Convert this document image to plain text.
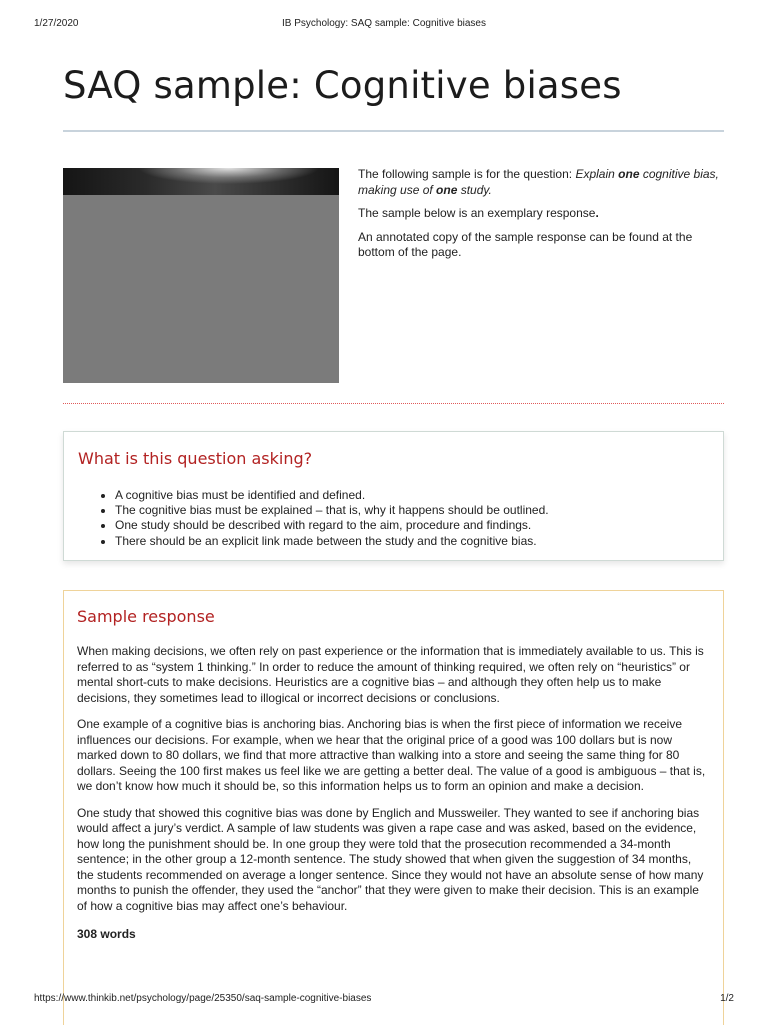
1/27/2020	IB Psychology: SAQ sample: Cognitive biases
SAQ sample: Cognitive biases

The following sample is for the question: Explain one cognitive bias, making use of one study.

The sample below is an exemplary response.

An annotated copy of the sample response can be found at the bottom of the page.

What is this question asking?
• A cognitive bias must be identified and defined.
• The cognitive bias must be explained – that is, why it happens should be outlined.
• One study should be described with regard to the aim, procedure and findings.
• There should be an explicit link made between the study and the cognitive bias.
Sample response

When making decisions, we often rely on past experience or the information that is immediately available to us. This is referred to as “system 1 thinking.” In order to reduce the amount of thinking required, we often rely on “heuristics” or mental short-cuts to make decisions. Heuristics are a cognitive bias – and although they often help us to make decisions, they sometimes lead to illogical or incorrect decisions or conclusions.

One example of a cognitive bias is anchoring bias. Anchoring bias is when the first piece of information we receive influences our decisions. For example, when we hear that the original price of a good was 100 dollars but is now marked down to 80 dollars, we find that more attractive than walking into a store and seeing the same thing for 80 dollars. Seeing the 100 first makes us feel like we are getting a better deal. The value of a good is ambiguous – that is, we don’t know how much it should be, so this information helps us to form an opinion and make a decision.

One study that showed this cognitive bias was done by Englich and Mussweiler. They wanted to see if anchoring bias would affect a jury’s verdict. A sample of law students was given a rape case and was asked, based on the evidence, how long the punishment should be. In one group they were told that the prosecution recommended a 34-month sentence; in the other group a 12-month sentence. The study showed that when given the suggestion of 34 months, the students recommended on average a longer sentence. Since they would not have an absolute sense of how many months to punish the offender, they used the “anchor” that they were given to make their decision. This is an example of how a cognitive bias may affect one’s behaviour.

308 words

https://www.thinkib.net/psychology/page/25350/saq-sample-cognitive-biases	1/2
